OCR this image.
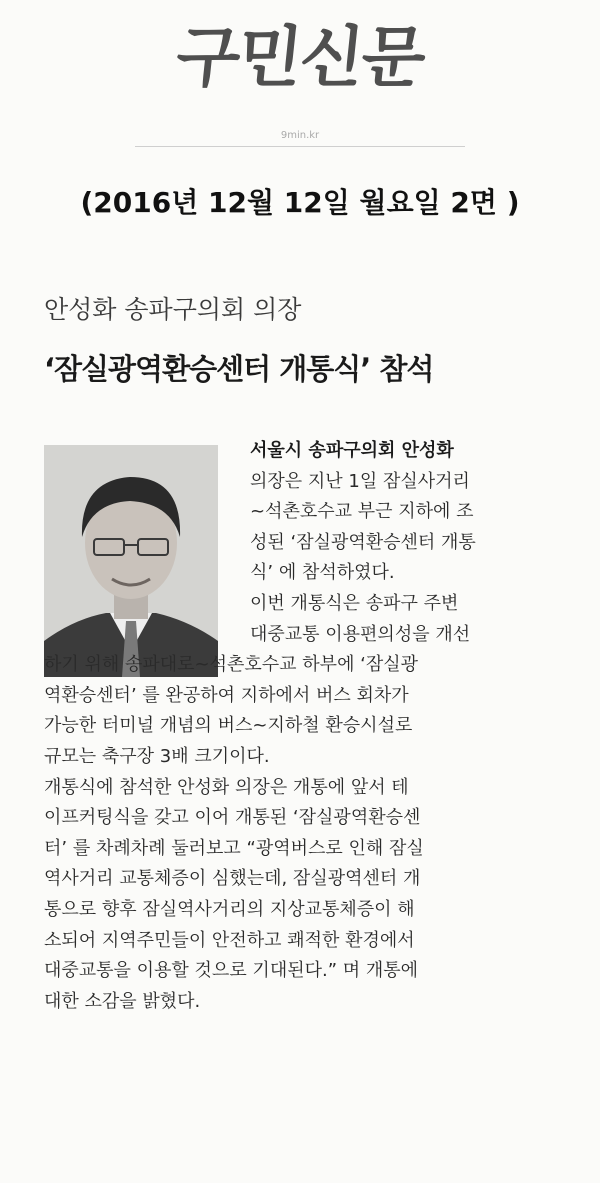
구민신문
9min.kr
(2016년 12월 12일 월요일 2면 )
안성화 송파구의회 의장
‘잠실광역환승센터 개통식’ 참석
서울시 송파구의회 안성화
의장은 지난 1일 잠실사거리
~석촌호수교 부근 지하에 조
성된 ‘잠실광역환승센터 개통
식’ 에 참석하였다.
이번 개통식은 송파구 주변
대중교통 이용편의성을 개선
하기 위해 송파대로~석촌호수교 하부에 ‘잠실광
역환승센터’ 를 완공하여 지하에서 버스 회차가
가능한 터미널 개념의 버스~지하철 환승시설로
규모는 축구장 3배 크기이다.
개통식에 참석한 안성화 의장은 개통에 앞서 테
이프커팅식을 갖고 이어 개통된 ‘잠실광역환승센
터’ 를 차례차례 둘러보고 “광역버스로 인해 잠실
역사거리 교통체증이 심했는데, 잠실광역센터 개
통으로 향후 잠실역사거리의 지상교통체증이 해
소되어 지역주민들이 안전하고 쾌적한 환경에서
대중교통을 이용할 것으로 기대된다.” 며 개통에
대한 소감을 밝혔다.
